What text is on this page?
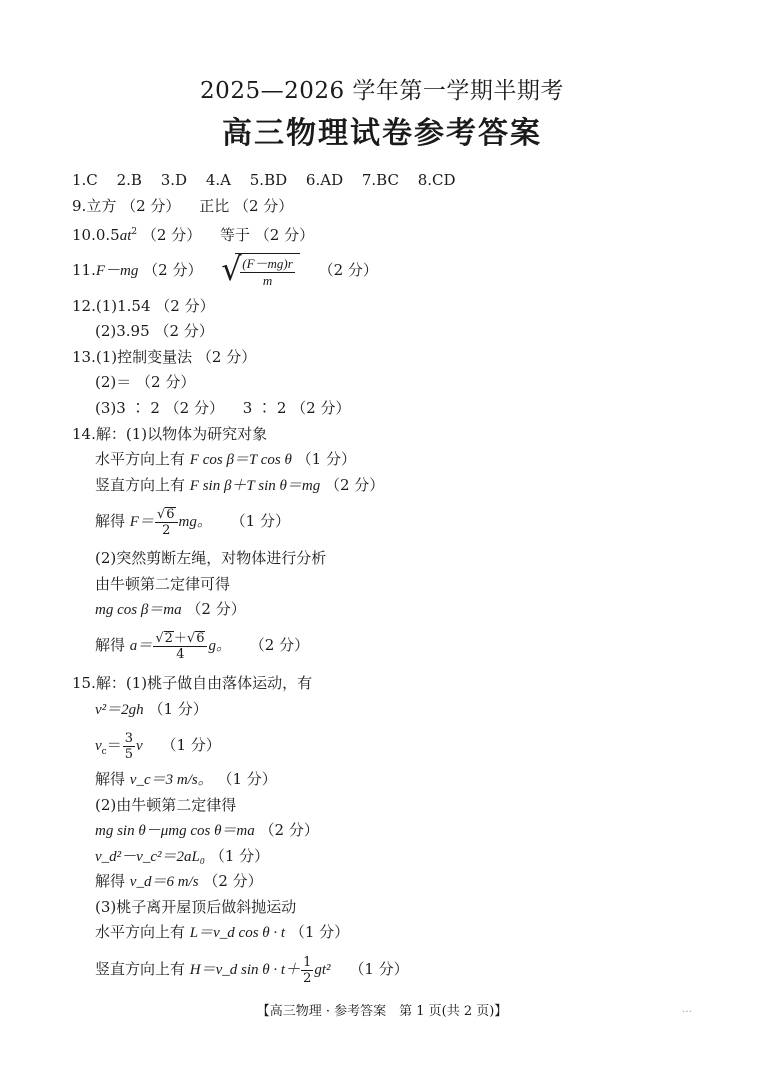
2025—2026 学年第一学期半期考
高三物理试卷参考答案
1.C 2.B 3.D 4.A 5.BD 6.AD 7.BC 8.CD
9.立方 （2 分） 正比 （2 分）
$10.0.5at^2$ （2 分） 等于 （2 分）
11.F－mg （2 分） √
$\frac{(F-mg)r}{m} (2$ 分）
12.(1)1.54 （2 分）
(2)3.95 （2 分）
13.(1)控制变量法 （2 分）
(2)＝ （2 分）
(3)3 ∶ 2 （2 分） 3 ∶ 2 （2 分）
14.解：(1)以物体为研究对象
水平方向上有 F cos β＝T cos θ （1 分）
竖直方向上有 F sin β＋T sin θ＝mg （2 分）
解得 $F= \frac{√6}{2}$ mg。 （1 分）
(2)突然剪断左绳，对物体进行分析
由牛顿第二定律可得
mg cos β＝ma （2 分）
解得 $a= \frac{√2+√6}{4}$ g。 （2 分）
15.解：(1)桃子做自由落体运动，有
v²＝2gh （1 分）
$v_c= \frac{3}{5}$ v （1 分）
解得 v_c＝3 m/s。 （1 分）
(2)由牛顿第二定律得
mg sin θ－μmg cos θ＝ma （2 分）
v_d²－v_c²＝2aL₀ （1 分）
解得 v_d＝6 m/s （2 分）
(3)桃子离开屋顶后做斜抛运动
水平方向上有 L＝v_d cos θ · t （1 分）
竖直方向上有 H＝v_d $\sin \theta \cdot t+ \frac{1}{2} gt^2$ （1 分）
【高三物理 · 参考答案　第 1 页(共 2 页)】	…
